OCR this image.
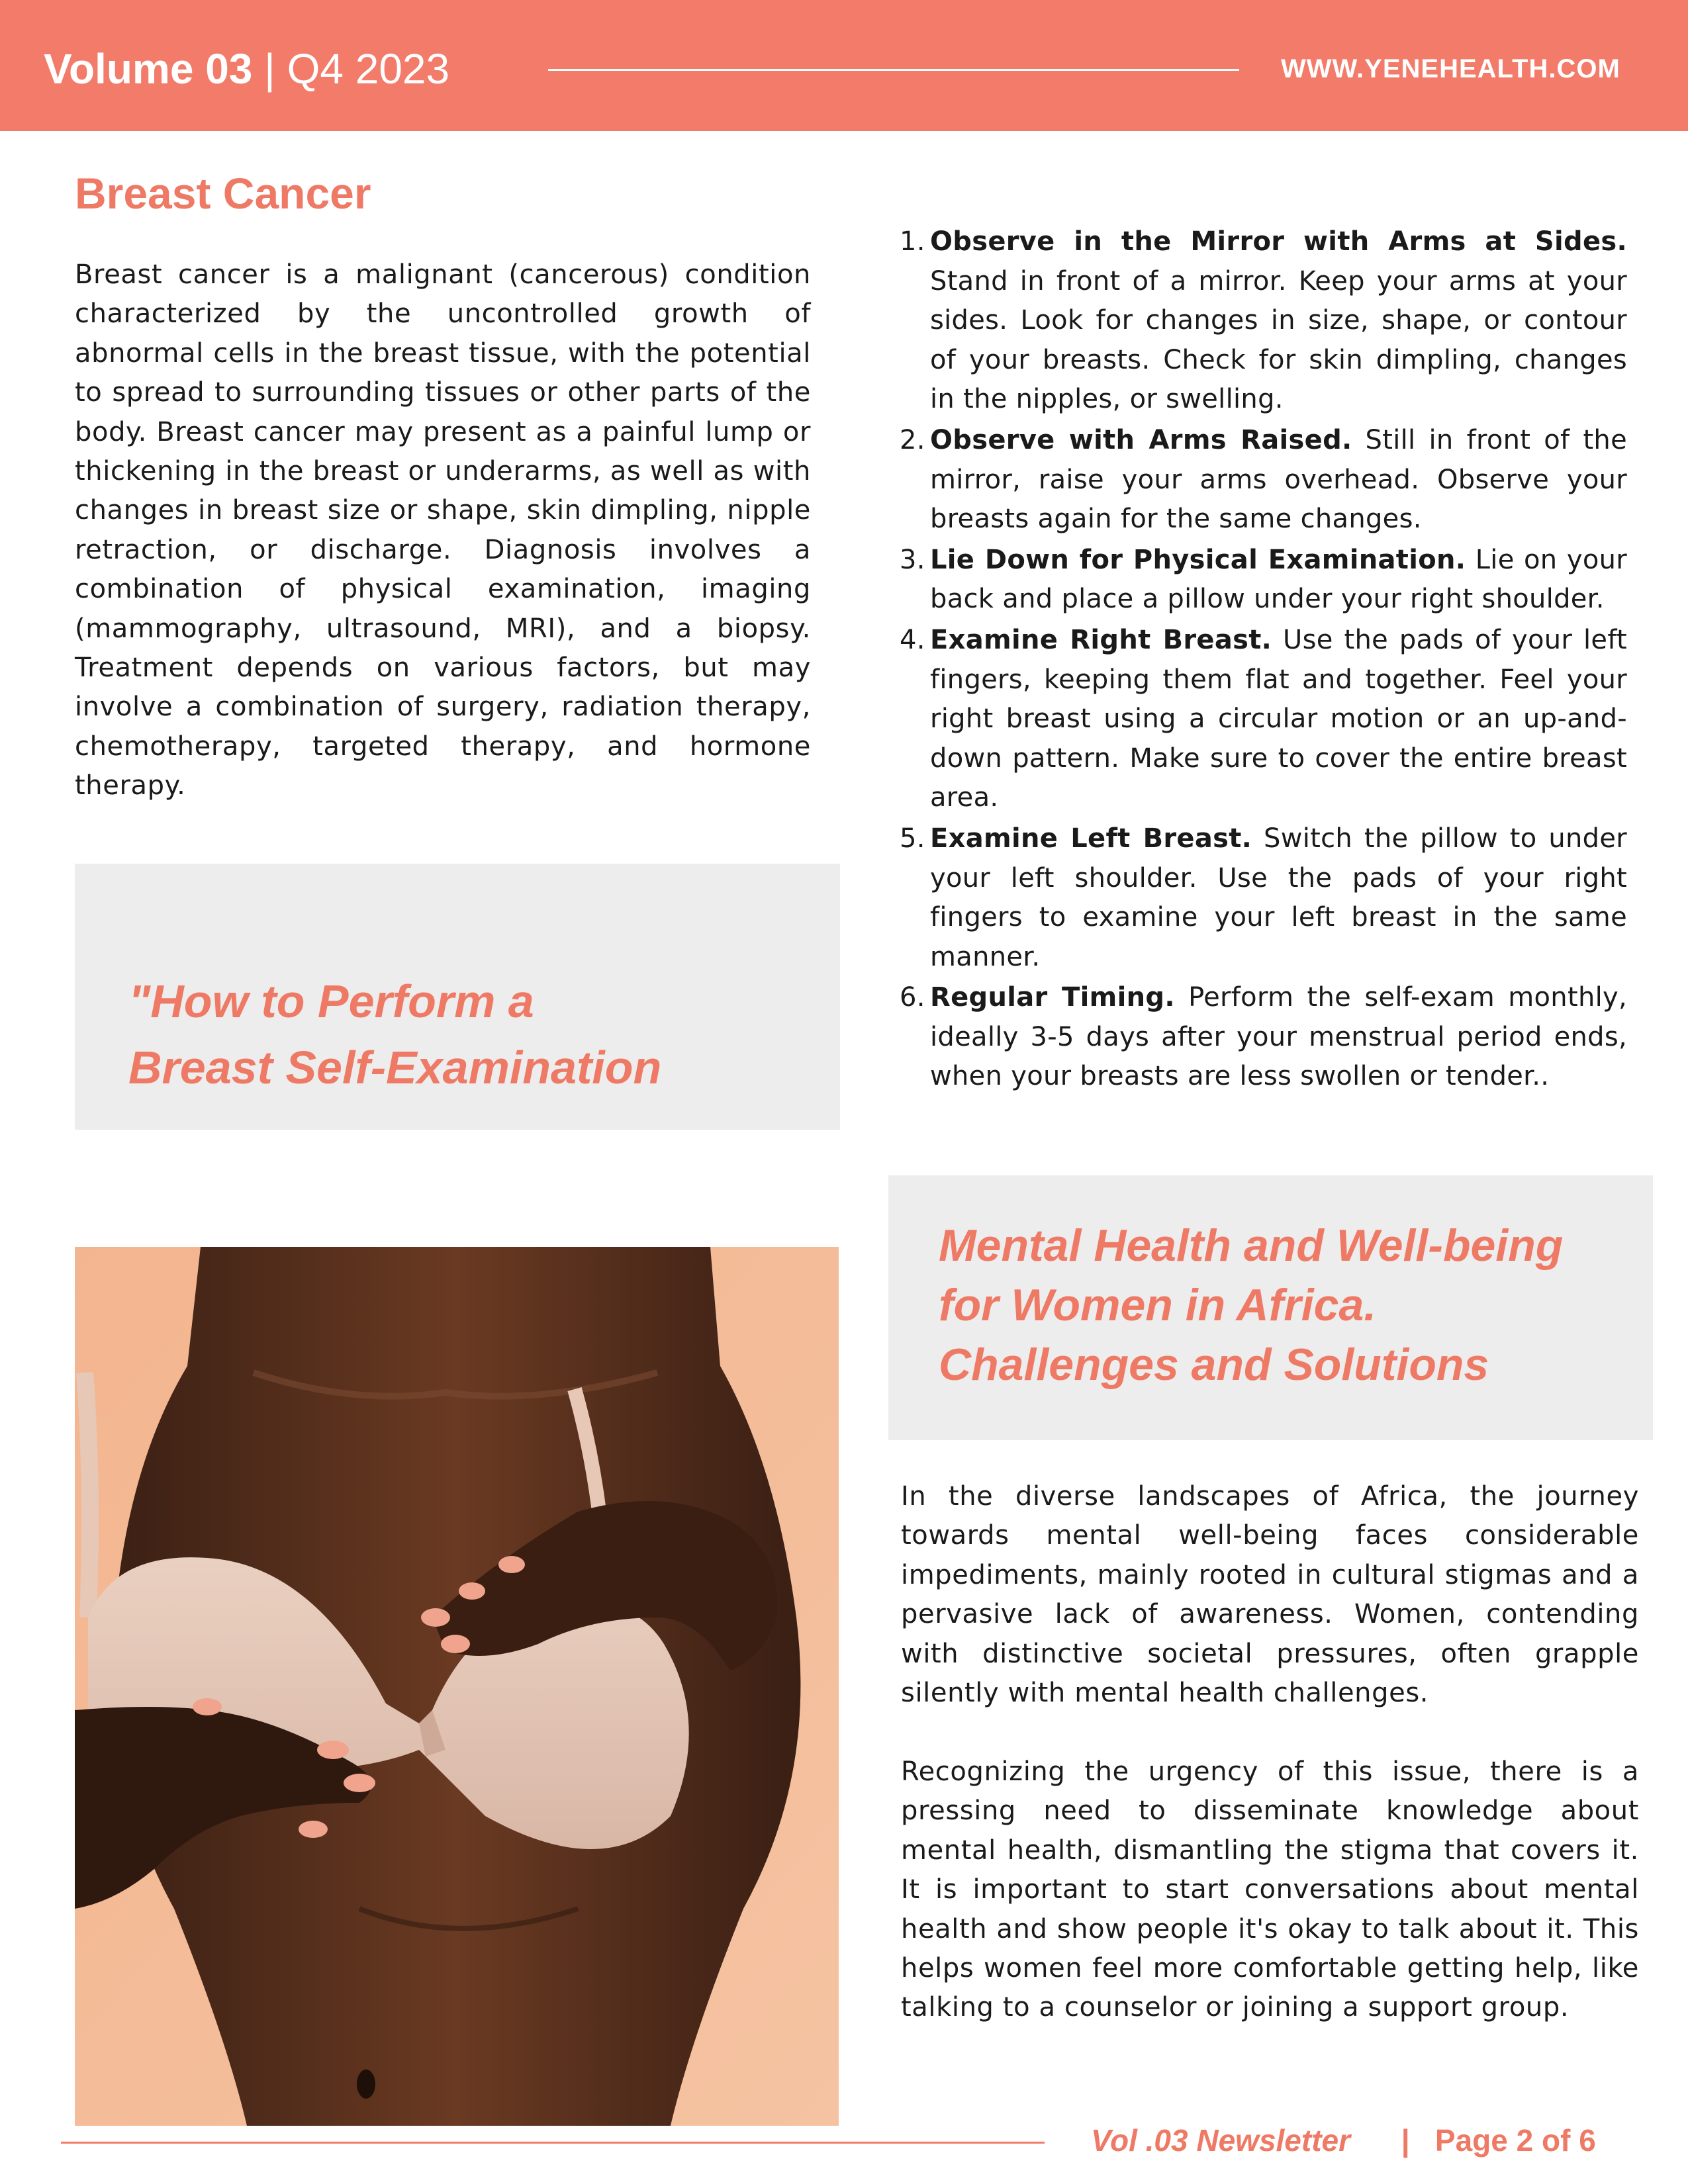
Volume 03 | Q4 2023	WWW.YENEHEALTH.COM
Breast Cancer

Breast cancer is a malignant (cancerous) condition characterized by the uncontrolled growth of abnormal cells in the breast tissue, with the potential to spread to surrounding tissues or other parts of the body. Breast cancer may present as a painful lump or thickening in the breast or underarms, as well as with changes in breast size or shape, skin dimpling, nipple retraction, or discharge. Diagnosis involves a combination of physical examination, imaging (mammography, ultrasound, MRI), and a biopsy. Treatment depends on various factors, but may involve a combination of surgery, radiation therapy, chemotherapy, targeted therapy, and hormone therapy.

"How to Perform a
Breast Self-Examination
1. Observe in the Mirror with Arms at Sides. Stand in front of a mirror. Keep your arms at your sides. Look for changes in size, shape, or contour of your breasts. Check for skin dimpling, changes in the nipples, or swelling.
2. Observe with Arms Raised. Still in front of the mirror, raise your arms overhead. Observe your breasts again for the same changes.
3. Lie Down for Physical Examination. Lie on your back and place a pillow under your right shoulder.
4. Examine Right Breast. Use the pads of your left fingers, keeping them flat and together. Feel your right breast using a circular motion or an up-and-down pattern. Make sure to cover the entire breast area.
5. Examine Left Breast. Switch the pillow to under your left shoulder. Use the pads of your right fingers to examine your left breast in the same manner.
6. Regular Timing. Perform the self-exam monthly, ideally 3-5 days after your menstrual period ends, when your breasts are less swollen or tender..
Mental Health and Well-being
for Women in Africa.
Challenges and Solutions

In the diverse landscapes of Africa, the journey towards mental well-being faces considerable impediments, mainly rooted in cultural stigmas and a pervasive lack of awareness. Women, contending with distinctive societal pressures, often grapple silently with mental health challenges.

Recognizing the urgency of this issue, there is a pressing need to disseminate knowledge about mental health, dismantling the stigma that covers it. It is important to start conversations about mental health and show people it's okay to talk about it. This helps women feel more comfortable getting help, like talking to a counselor or joining a support group.

Vol .03 Newsletter | Page 2 of 6
